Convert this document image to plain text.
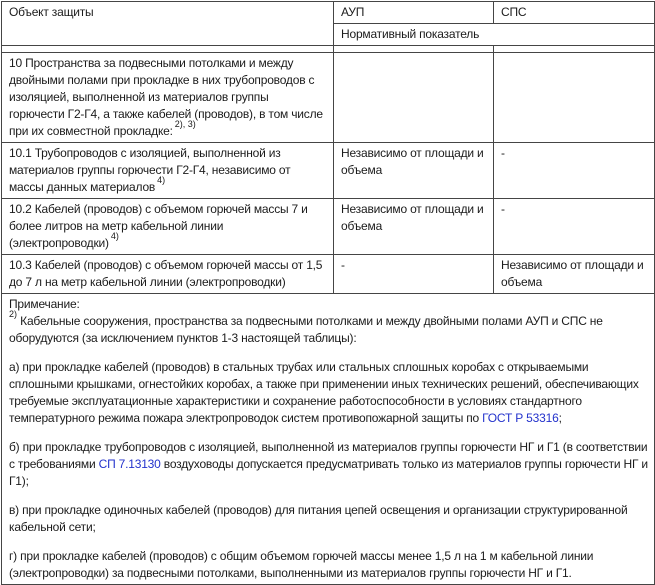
Объект защиты	АУП	СПС
	Нормативный показатель	

10 Пространства за подвесными потолками и между двойными полами при прокладке в них трубопроводов с изоляцией, выполненной из материалов группы горючести Г2-Г4, а также кабелей (проводов), в том числе при их совместной прокладке: $^{2), 3)}$		
10.1 Трубопроводов с изоляцией, выполненной из материалов группы горючести Г2-Г4, независимо от массы данных материалов $^{4)}$	Независимо от площади и объема	-
10.2 Кабелей (проводов) с объемом горючей массы 7 и более литров на метр кабельной линии (электропроводки) $^{4)}$	Независимо от площади и объема	-
10.3 Кабелей (проводов) с объемом горючей массы от 1,5 до 7 л на метр кабельной линии (электропроводки)	-	Независимо от площади и объема

Примечание:

$^{2)}$ Кабельные сооружения, пространства за подвесными потолками и между двойными полами АУП и СПС не оборудуются (за исключением пунктов 1-3 настоящей таблицы):

а) при прокладке кабелей (проводов) в стальных трубах или стальных сплошных коробах с открываемыми сплошными крышками, огнестойких коробах, а также при применении иных технических решений, обеспечивающих требуемые эксплуатационные характеристики и сохранение работоспособности в условиях стандартного температурного режима пожара электропроводок систем противопожарной защиты по ГОСТ Р 53316;

б) при прокладке трубопроводов с изоляцией, выполненной из материалов группы горючести НГ и Г1 (в соответствии с требованиями СП 7.13130 воздуховоды допускается предусматривать только из материалов группы горючести НГ и Г1);

в) при прокладке одиночных кабелей (проводов) для питания цепей освещения и организации структурированной кабельной сети;

г) при прокладке кабелей (проводов) с общим объемом горючей массы менее 1,5 л на 1 м кабельной линии (электропроводки) за подвесными потолками, выполненными из материалов группы горючести НГ и Г1.
